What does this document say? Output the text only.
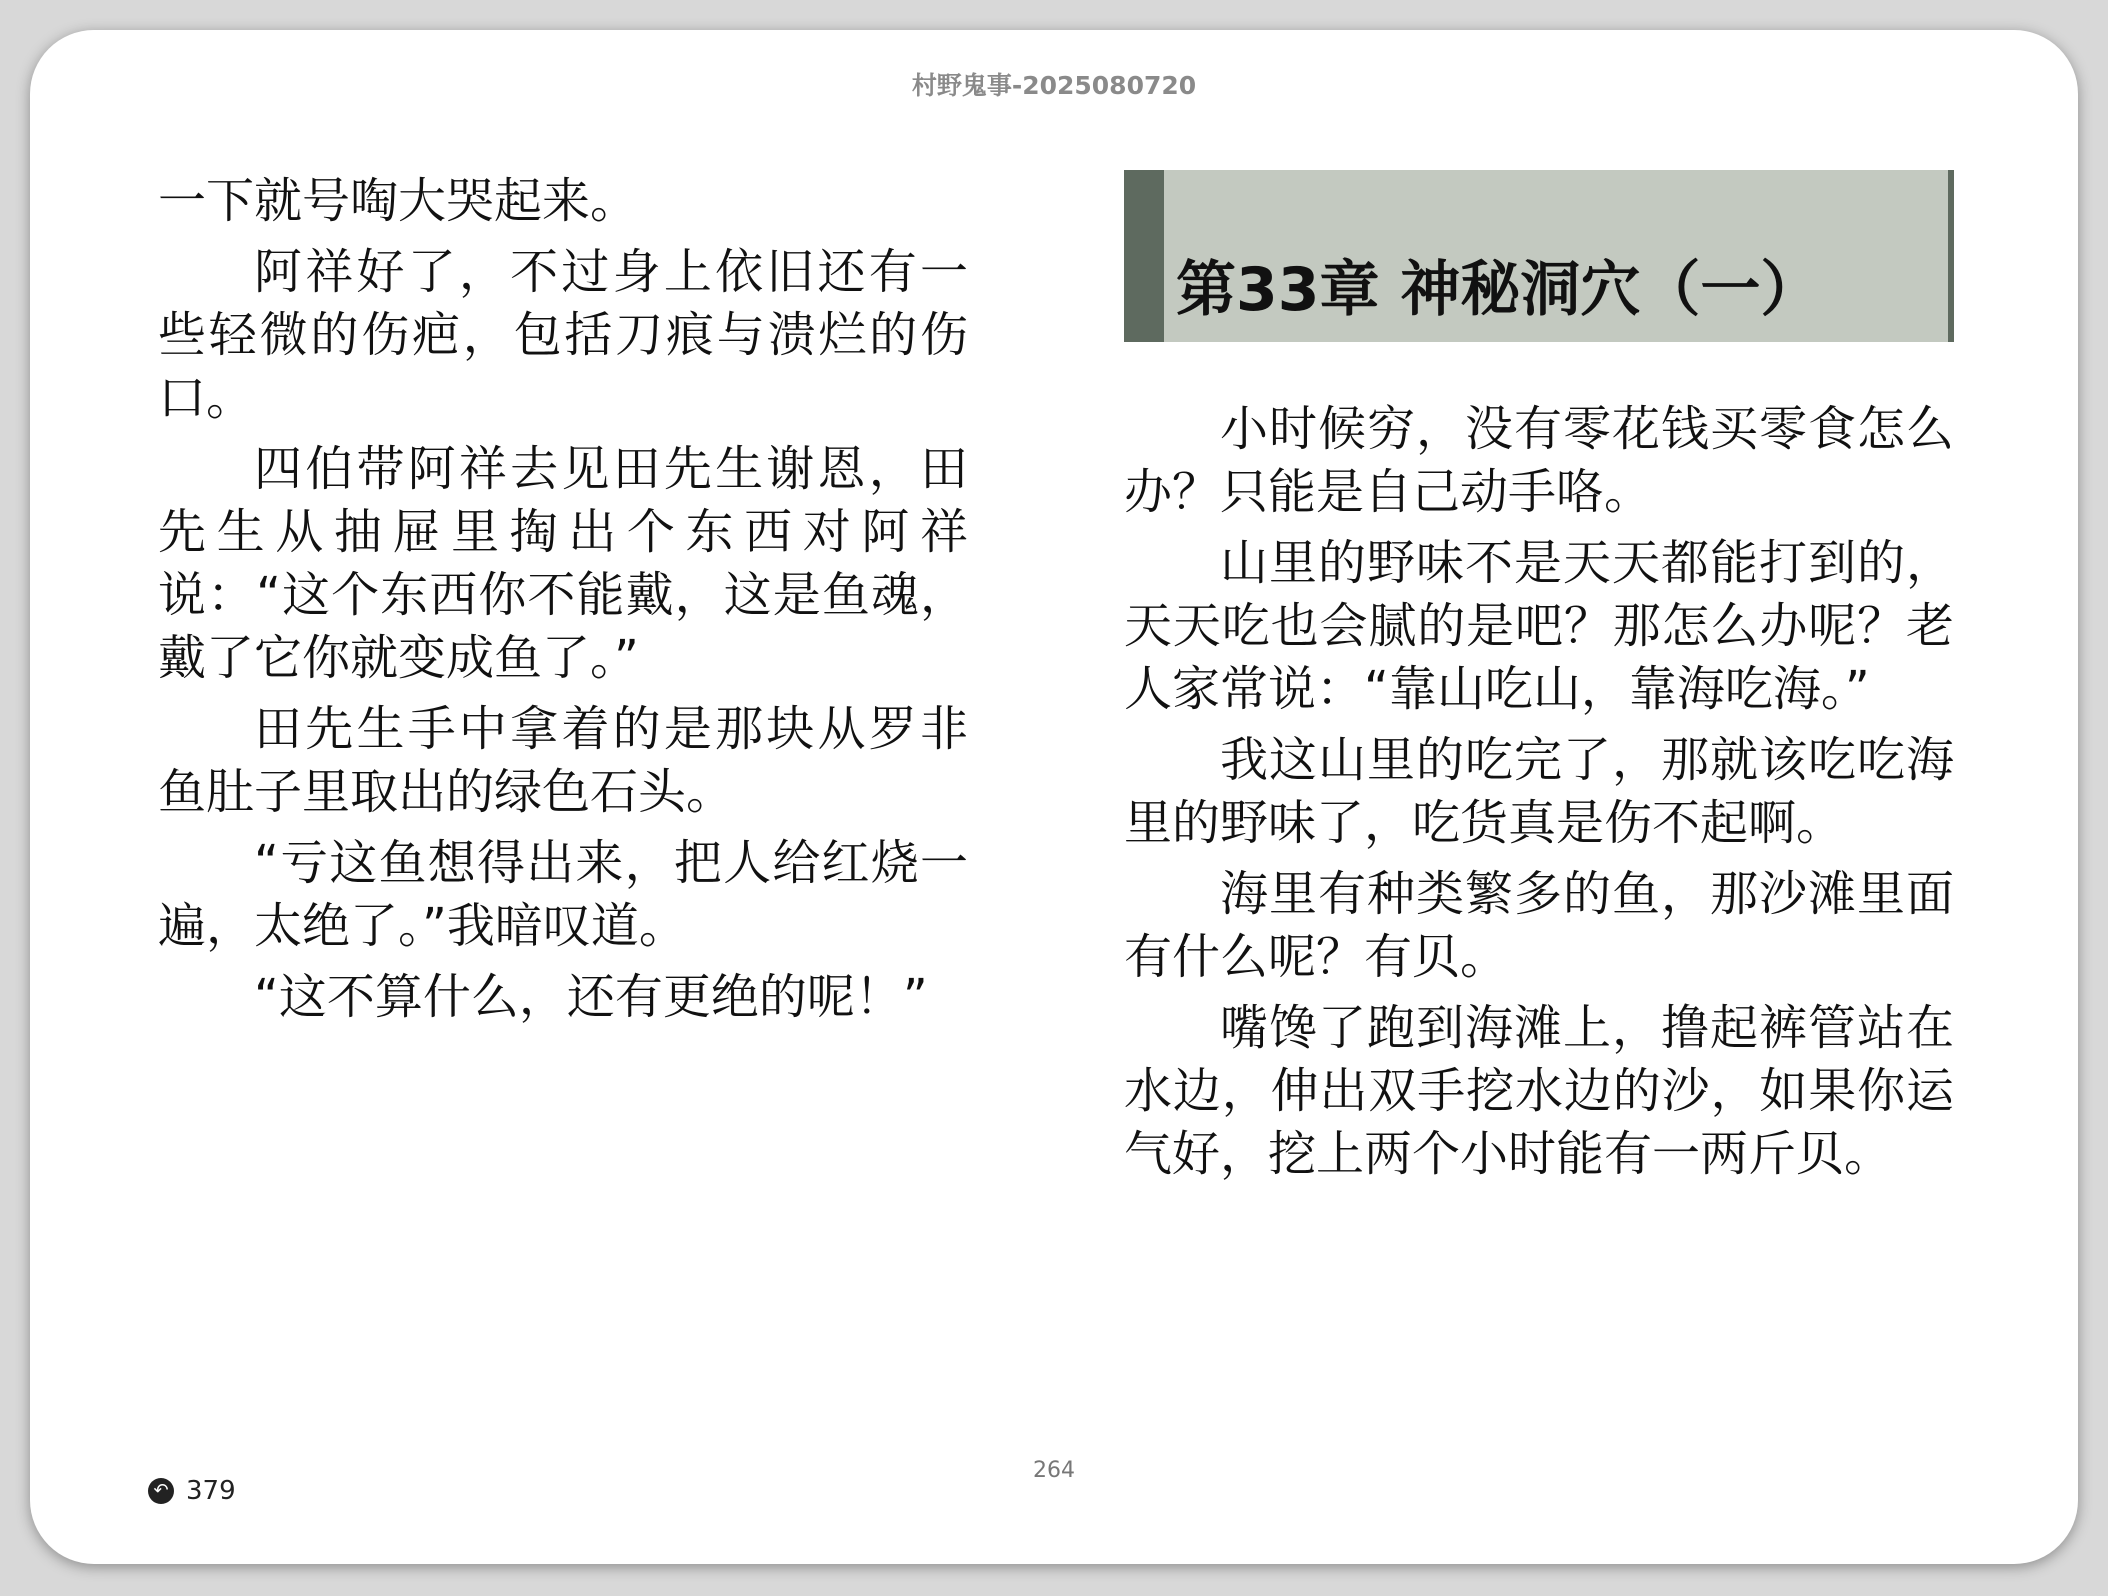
村野鬼事-2025080720

一下就号啕大哭起来。

阿祥好了，不过身上依旧还有一些轻微的伤疤，包括刀痕与溃烂的伤口。

四伯带阿祥去见田先生谢恩，田先生从抽屉里掏出个东西对阿祥说：“这个东西你不能戴，这是鱼魂，戴了它你就变成鱼了。”

田先生手中拿着的是那块从罗非鱼肚子里取出的绿色石头。

“亏这鱼想得出来，把人给红烧一遍，太绝了。”我暗叹道。

“这不算什么，还有更绝的呢！”

第33章 神秘洞穴（一）

小时候穷，没有零花钱买零食怎么办？只能是自己动手咯。

山里的野味不是天天都能打到的，天天吃也会腻的是吧？那怎么办呢？老人家常说：“靠山吃山，靠海吃海。”

我这山里的吃完了，那就该吃吃海里的野味了，吃货真是伤不起啊。

海里有种类繁多的鱼，那沙滩里面有什么呢？有贝。

嘴馋了跑到海滩上，撸起裤管站在水边，伸出双手挖水边的沙，如果你运气好，挖上两个小时能有一两斤贝。

264
↶ 379
